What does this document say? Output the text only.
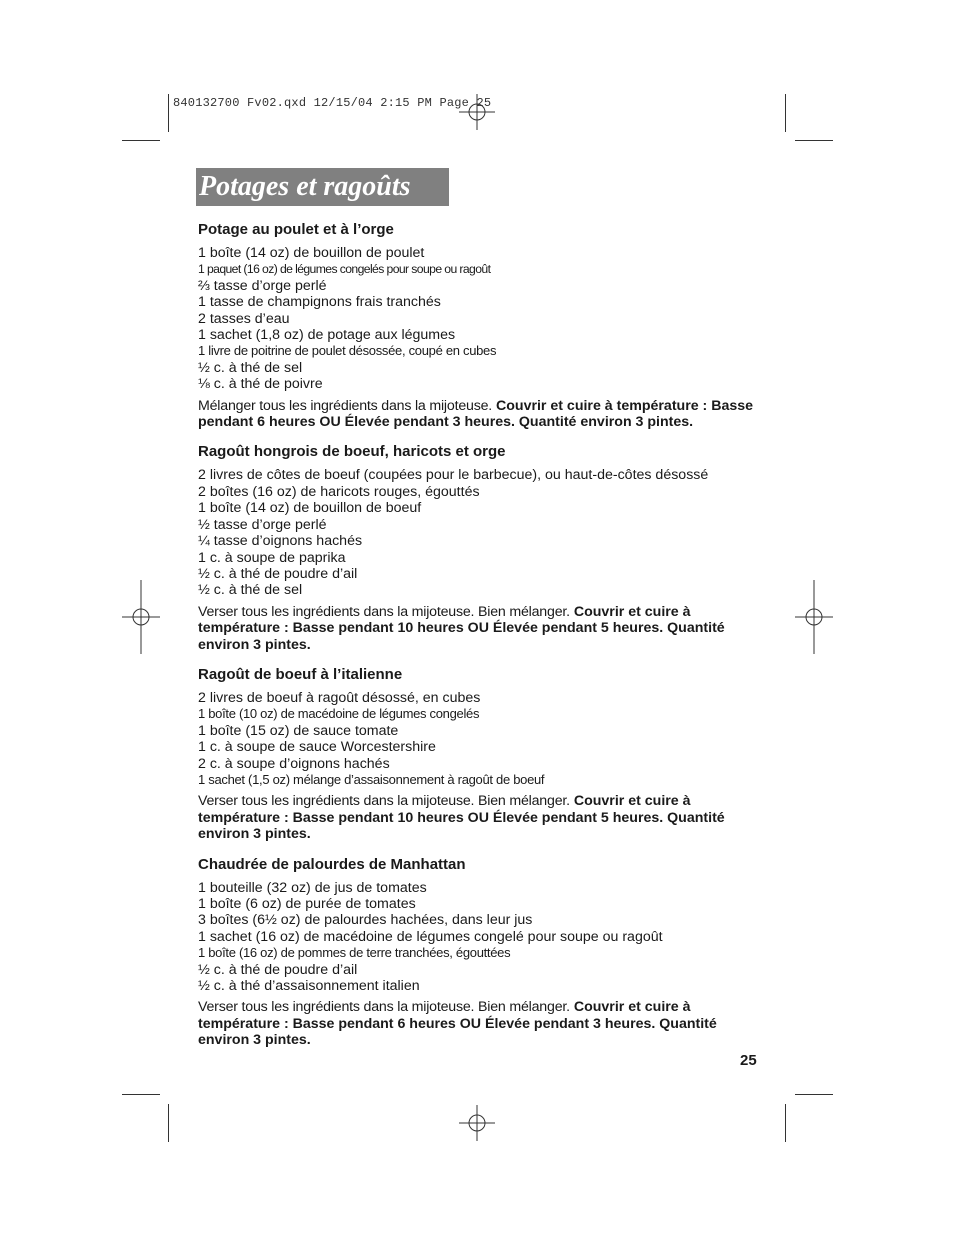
840132700 Fv02.qxd 12/15/04 2:15 PM Page 25
Potages et ragoûts
Potage au poulet et à l’orge
1 boîte (14 oz) de bouillon de poulet
1 paquet (16 oz) de légumes congelés pour soupe ou ragoût
⅔ tasse d’orge perlé
1 tasse de champignons frais tranchés
2 tasses d’eau
1 sachet (1,8 oz) de potage aux légumes
1 livre de poitrine de poulet désossée, coupé en cubes
½ c. à thé de sel
⅛ c. à thé de poivre

Mélanger tous les ingrédients dans la mijoteuse. Couvrir et cuire à température : Basse pendant 6 heures OU Élevée pendant 3 heures. Quantité environ 3 pintes.

Ragoût hongrois de boeuf, haricots et orge
2 livres de côtes de boeuf (coupées pour le barbecue), ou haut-de-côtes désossé
2 boîtes (16 oz) de haricots rouges, égouttés
1 boîte (14 oz) de bouillon de boeuf
½ tasse d’orge perlé
¼ tasse d’oignons hachés
1 c. à soupe de paprika
½ c. à thé de poudre d’ail
½ c. à thé de sel

Verser tous les ingrédients dans la mijoteuse. Bien mélanger. Couvrir et cuire à température : Basse pendant 10 heures OU Élevée pendant 5 heures. Quantité environ 3 pintes.

Ragoût de boeuf à l’italienne
2 livres de boeuf à ragoût désossé, en cubes
1 boîte (10 oz) de macédoine de légumes congelés
1 boîte (15 oz) de sauce tomate
1 c. à soupe de sauce Worcestershire
2 c. à soupe d’oignons hachés
1 sachet (1,5 oz) mélange d’assaisonnement à ragoût de boeuf

Verser tous les ingrédients dans la mijoteuse. Bien mélanger. Couvrir et cuire à température : Basse pendant 10 heures OU Élevée pendant 5 heures. Quantité environ 3 pintes.

Chaudrée de palourdes de Manhattan
1 bouteille (32 oz) de jus de tomates
1 boîte (6 oz) de purée de tomates
3 boîtes (6½ oz) de palourdes hachées, dans leur jus
1 sachet (16 oz) de macédoine de légumes congelé pour soupe ou ragoût
1 boîte (16 oz) de pommes de terre tranchées, égouttées
½ c. à thé de poudre d’ail
½ c. à thé d’assaisonnement italien

Verser tous les ingrédients dans la mijoteuse. Bien mélanger. Couvrir et cuire à température : Basse pendant 6 heures OU Élevée pendant 3 heures. Quantité environ 3 pintes.

25
